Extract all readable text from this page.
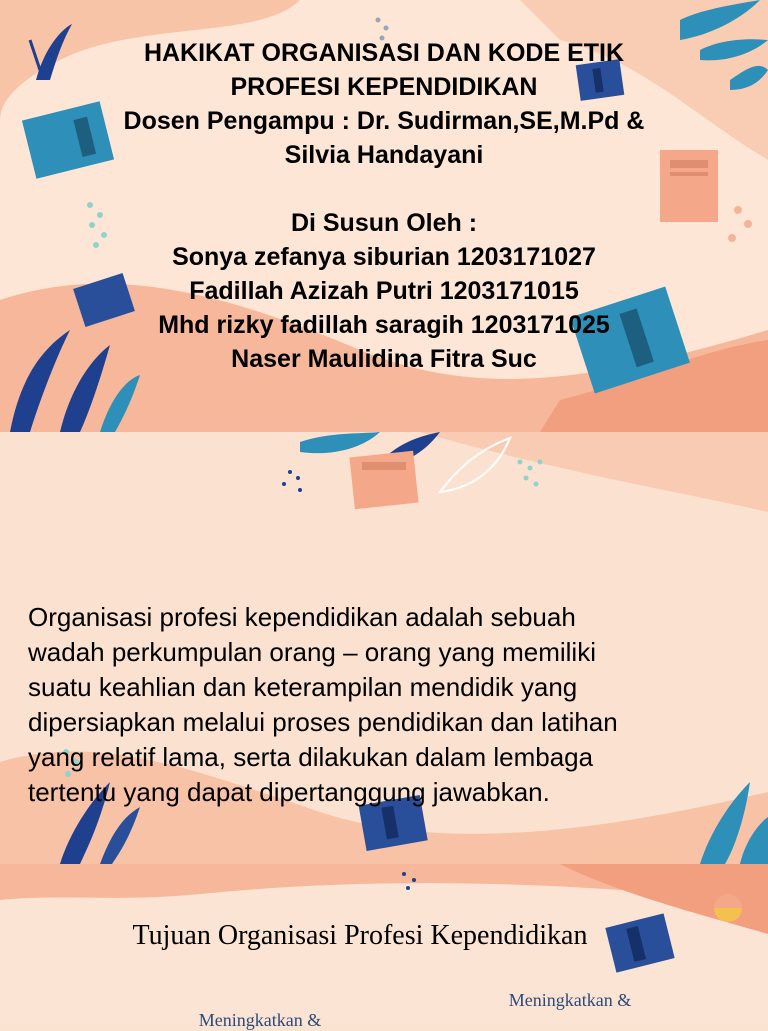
HAKIKAT ORGANISASI DAN KODE ETIK
PROFESI KEPENDIDIKAN
Dosen Pengampu : Dr. Sudirman,SE,M.Pd &
Silvia Handayani
Di Susun Oleh :
Sonya zefanya siburian 1203171027
Fadillah Azizah Putri 1203171015
Mhd rizky fadillah saragih 1203171025
Naser Maulidina Fitra Suc
Organisasi profesi kependidikan adalah sebuah
wadah perkumpulan orang – orang yang memiliki
suatu keahlian dan keterampilan mendidik yang
dipersiapkan melalui proses pendidikan dan latihan
yang relatif lama, serta dilakukan dalam lembaga
tertentu yang dapat dipertanggung jawabkan.
Tujuan Organisasi Profesi Kependidikan
Meningkatkan &
Meningkatkan &
